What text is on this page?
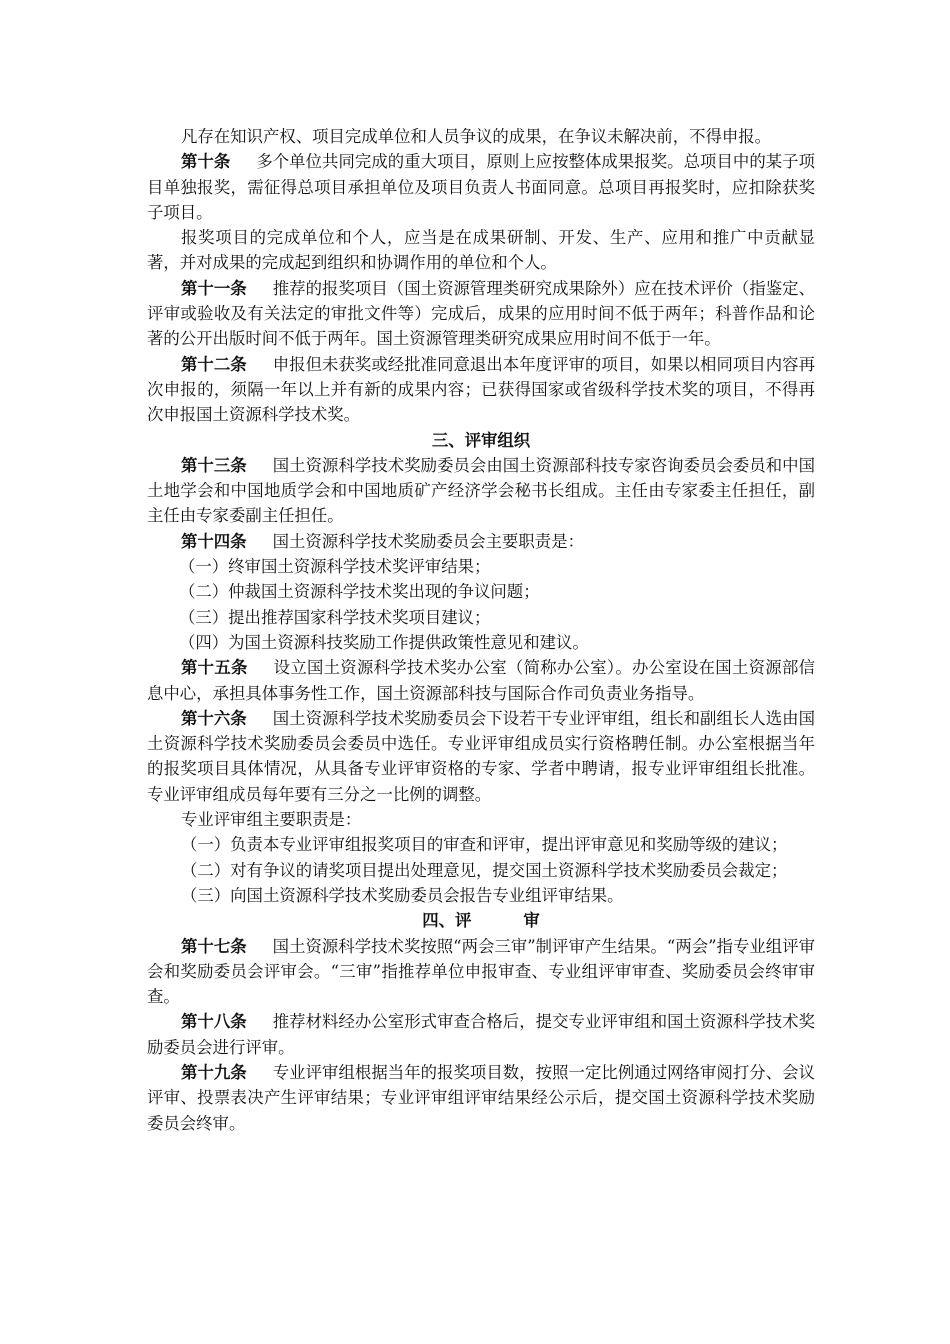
凡存在知识产权、项目完成单位和人员争议的成果，在争议未解决前，不得申报。

第十条 多个单位共同完成的重大项目，原则上应按整体成果报奖。总项目中的某子项目单独报奖，需征得总项目承担单位及项目负责人书面同意。总项目再报奖时，应扣除获奖子项目。

报奖项目的完成单位和个人，应当是在成果研制、开发、生产、应用和推广中贡献显著，并对成果的完成起到组织和协调作用的单位和个人。

第十一条 推荐的报奖项目（国土资源管理类研究成果除外）应在技术评价（指鉴定、评审或验收及有关法定的审批文件等）完成后，成果的应用时间不低于两年；科普作品和论著的公开出版时间不低于两年。国土资源管理类研究成果应用时间不低于一年。

第十二条 申报但未获奖或经批准同意退出本年度评审的项目，如果以相同项目内容再次申报的，须隔一年以上并有新的成果内容；已获得国家或省级科学技术奖的项目，不得再次申报国土资源科学技术奖。

三、评审组织

第十三条 国土资源科学技术奖励委员会由国土资源部科技专家咨询委员会委员和中国土地学会和中国地质学会和中国地质矿产经济学会秘书长组成。主任由专家委主任担任，副主任由专家委副主任担任。

第十四条 国土资源科学技术奖励委员会主要职责是：

（一）终审国土资源科学技术奖评审结果；

（二）仲裁国土资源科学技术奖出现的争议问题；

（三）提出推荐国家科学技术奖项目建议；

（四）为国土资源科技奖励工作提供政策性意见和建议。

第十五条 设立国土资源科学技术奖办公室（简称办公室）。办公室设在国土资源部信息中心，承担具体事务性工作，国土资源部科技与国际合作司负责业务指导。

第十六条 国土资源科学技术奖励委员会下设若干专业评审组，组长和副组长人选由国土资源科学技术奖励委员会委员中选任。专业评审组成员实行资格聘任制。办公室根据当年的报奖项目具体情况，从具备专业评审资格的专家、学者中聘请，报专业评审组组长批准。专业评审组成员每年要有三分之一比例的调整。

专业评审组主要职责是：

（一）负责本专业评审组报奖项目的审查和评审，提出评审意见和奖励等级的建议；

（二）对有争议的请奖项目提出处理意见，提交国土资源科学技术奖励委员会裁定；

（三）向国土资源科学技术奖励委员会报告专业组评审结果。

四、评	审

第十七条 国土资源科学技术奖按照“两会三审”制评审产生结果。“两会”指专业组评审会和奖励委员会评审会。“三审”指推荐单位申报审查、专业组评审审查、奖励委员会终审审查。

第十八条 推荐材料经办公室形式审查合格后，提交专业评审组和国土资源科学技术奖励委员会进行评审。

第十九条 专业评审组根据当年的报奖项目数，按照一定比例通过网络审阅打分、会议评审、投票表决产生评审结果；专业评审组评审结果经公示后，提交国土资源科学技术奖励委员会终审。
